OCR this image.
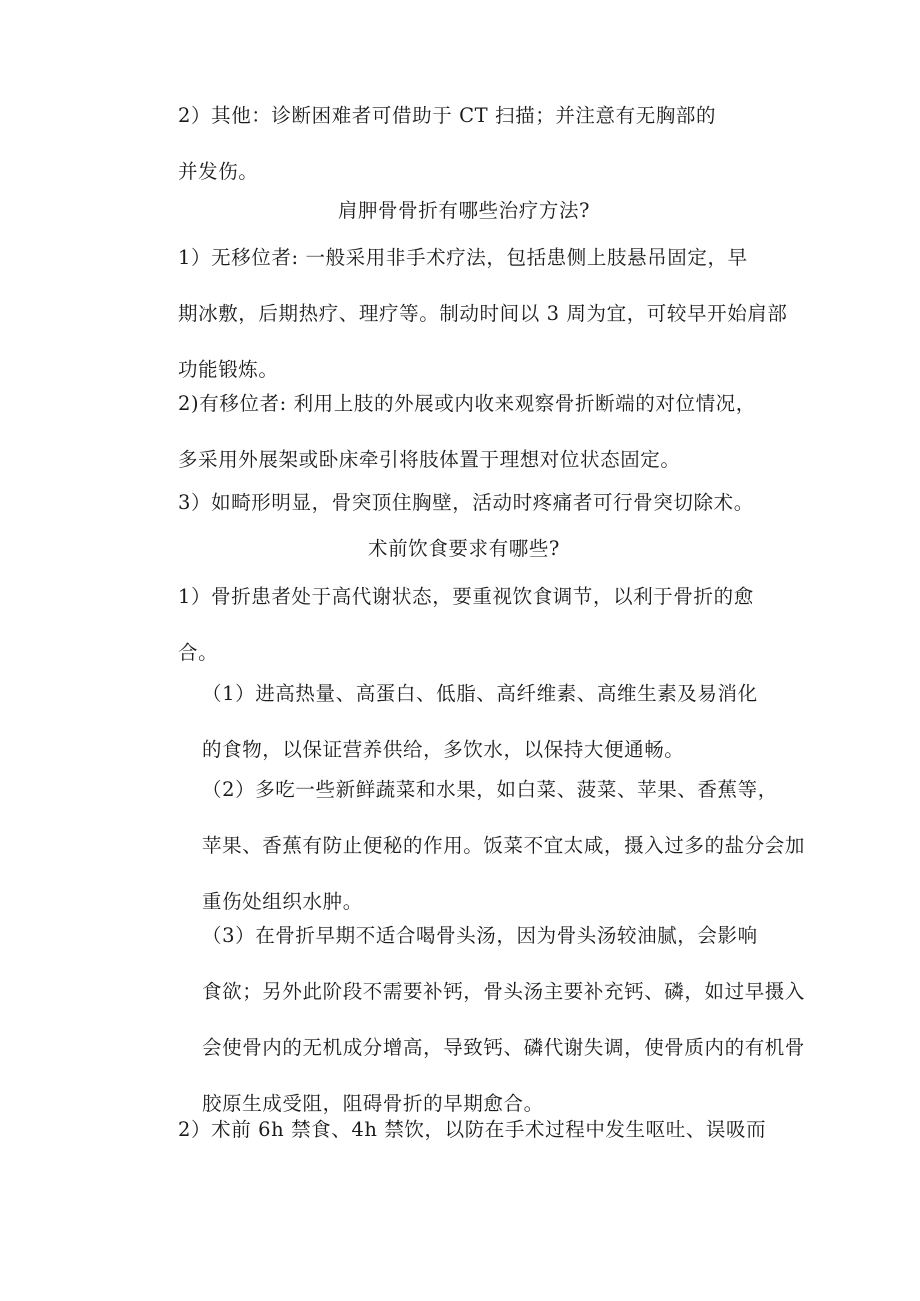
2）其他：诊断困难者可借助于 CT 扫描；并注意有无胸部的
并发伤。

肩胛骨骨折有哪些治疗方法?

1）无移位者: 一般采用非手术疗法，包括患侧上肢悬吊固定，早
期冰敷，后期热疗、理疗等。制动时间以 3 周为宜，可较早开始肩部
功能锻炼。

2)有移位者: 利用上肢的外展或内收来观察骨折断端的对位情况，
多采用外展架或卧床牵引将肢体置于理想对位状态固定。

3）如畸形明显，骨突顶住胸壁，活动时疼痛者可行骨突切除术。

术前饮食要求有哪些?

1）骨折患者处于高代谢状态，要重视饮食调节，以利于骨折的愈
合。

（1）进高热量、高蛋白、低脂、高纤维素、高维生素及易消化
的食物，以保证营养供给，多饮水，以保持大便通畅。

（2）多吃一些新鲜蔬菜和水果，如白菜、菠菜、苹果、香蕉等，
苹果、香蕉有防止便秘的作用。饭菜不宜太咸，摄入过多的盐分会加
重伤处组织水肿。

（3）在骨折早期不适合喝骨头汤，因为骨头汤较油腻，会影响
食欲；另外此阶段不需要补钙，骨头汤主要补充钙、磷，如过早摄入
会使骨内的无机成分增高，导致钙、磷代谢失调，使骨质内的有机骨
胶原生成受阻，阻碍骨折的早期愈合。

2）术前 6h 禁食、4h 禁饮，以防在手术过程中发生呕吐、误吸而
